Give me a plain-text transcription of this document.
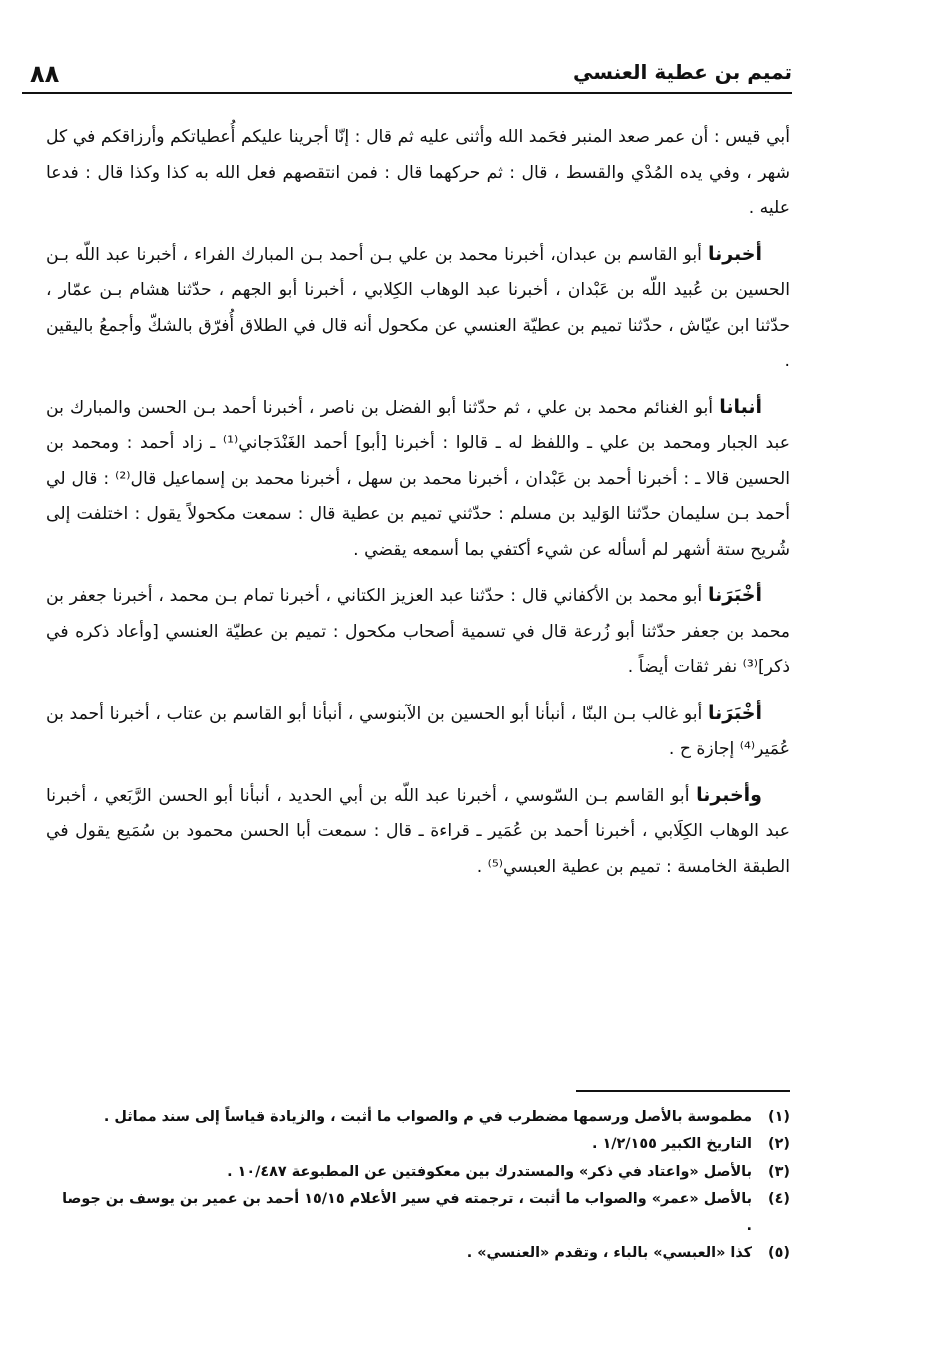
٨٨	تميم بن عطية العنسي

أبي قيس : أن عمر صعد المنبر فحَمد الله وأثنى عليه ثم قال : إنّا أجرينا عليكم أُعطياتكم وأرزاقكم في كل شهر ، وفي يده المُدْي والقسط ، قال : ثم حركهما قال : فمن انتقصهم فعل الله به كذا وكذا قال : فدعا عليه .

أخبرنا أبو القاسم بن عبدان، أخبرنا محمد بن علي بـن أحمد بـن المبارك الفراء ، أخبرنا عبد اللّه بـن الحسين بن عُبيد اللّه بن عَبْدان ، أخبرنا عبد الوهاب الكِلابي ، أخبرنا أبو الجهم ، حدّثنا هشام بـن عمّار ، حدّثنا ابن عيّاش ، حدّثنا تميم بن عطيّة العنسي عن مكحول أنه قال في الطلاق أُفرّق بالشكّ وأجمعُ باليقين .

أنبانا أبو الغنائم محمد بن علي ، ثم حدّثنا أبو الفضل بن ناصر ، أخبرنا أحمد بـن الحسن والمبارك بن عبد الجبار ومحمد بن علي ـ واللفظ له ـ قالوا : أخبرنا [أبو] أحمد الغَنْدَجاني⁽¹⁾ ـ زاد أحمد : ومحمد بن الحسين قالا ـ : أخبرنا أحمد بن عَبْدان ، أخبرنا محمد بن سهل ، أخبرنا محمد بن إسماعيل قال⁽²⁾ : قال لي أحمد بـن سليمان حدّثنا الوَليد بن مسلم : حدّثني تميم بن عطية قال : سمعت مكحولاً يقول : اختلفت إلى شُريح ستة أشهر لم أسأله عن شيء أكتفي بما أسمعه يقضي .

أخْبَرَنا أبو محمد بن الأكفاني قال : حدّثنا عبد العزيز الكتاني ، أخبرنا تمام بـن محمد ، أخبرنا جعفر بن محمد بن جعفر حدّثنا أبو زُرعة قال في تسمية أصحاب مكحول : تميم بن عطيّة العنسي [وأعاد ذكره في ذكر]⁽³⁾ نفر ثقات أيضاً .

أخْبَرَنا أبو غالب بـن البنّا ، أنبأنا أبو الحسين بن الآبنوسي ، أنبأنا أبو القاسم بن عتاب ، أخبرنا أحمد بن عُمَير⁽⁴⁾ إجازة ح .

وأخبرنا أبو القاسم بـن السّوسي ، أخبرنا عبد اللّه بن أبي الحديد ، أنبأنا أبو الحسن الرَّبَعي ، أخبرنا عبد الوهاب الكِلَابي ، أخبرنا أحمد بن عُمَير ـ قراءة ـ قال : سمعت أبا الحسن محمود بن سُمَيع يقول في الطبقة الخامسة : تميم بن عطية العبسي⁽⁵⁾ .

(١)
مطموسة بالأصل ورسمها مضطرب في م والصواب ما أثبت ، والزيادة قياساً إلى سند مماثل .
(٢)
التاريخ الكبير ١/٢/١٥٥ .
(٣)
بالأصل «واعتاد في ذكر» والمستدرك بين معكوفتين عن المطبوعة ١٠/٤٨٧ .
(٤)
بالأصل «عمر» والصواب ما أثبت ، ترجمته في سير الأعلام ١٥/١٥ أحمد بن عمير بن يوسف بن جوصا .
(٥)
كذا «العبسي» بالباء ، وتقدم «العنسي» .
